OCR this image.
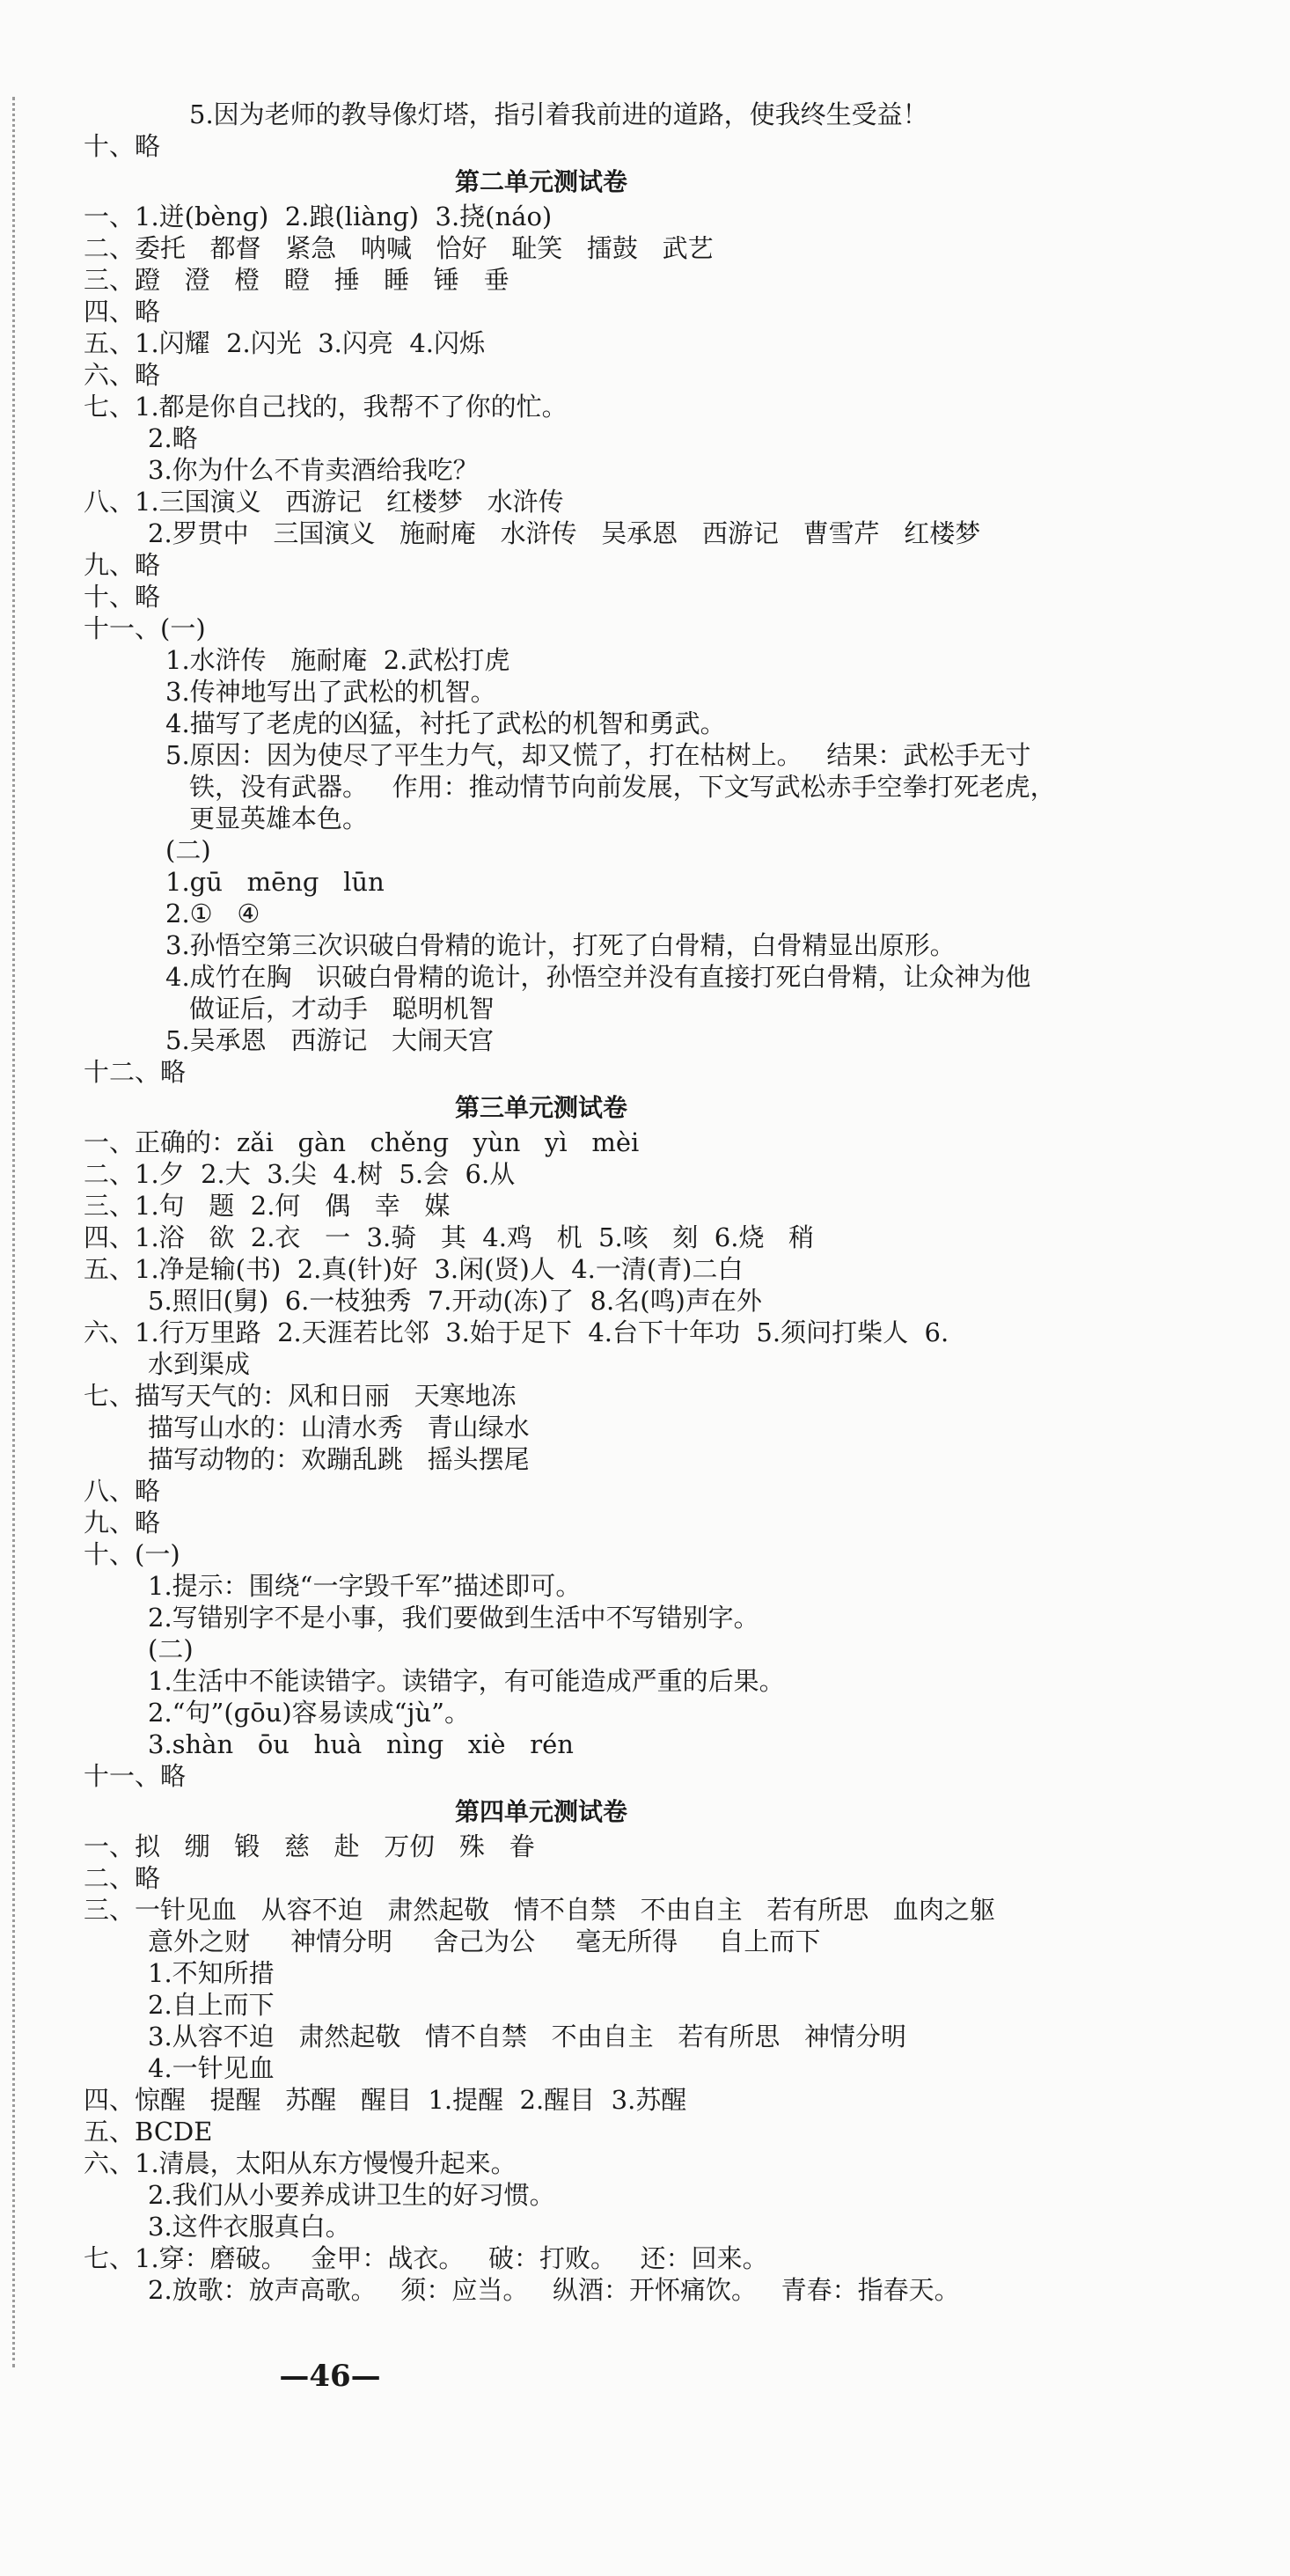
5.因为老师的教导像灯塔，指引着我前进的道路，使我终生受益！
十、略
第二单元测试卷
一、1.迸(bènɡ)  2.踉(liànɡ)  3.挠(náo)
二、委托   都督   紧急   呐喊   恰好   耻笑   擂鼓   武艺
三、蹬   澄   橙   瞪   捶   睡   锤   垂
四、略
五、1.闪耀  2.闪光  3.闪亮  4.闪烁
六、略
七、1.都是你自己找的，我帮不了你的忙。
2.略
3.你为什么不肯卖酒给我吃？
八、1.三国演义   西游记   红楼梦   水浒传
2.罗贯中   三国演义   施耐庵   水浒传   吴承恩   西游记   曹雪芹   红楼梦
九、略
十、略
十一、(一)
1.水浒传   施耐庵  2.武松打虎
3.传神地写出了武松的机智。
4.描写了老虎的凶猛，衬托了武松的机智和勇武。
5.原因：因为使尽了平生力气，却又慌了，打在枯树上。   结果：武松手无寸
铁，没有武器。   作用：推动情节向前发展，下文写武松赤手空拳打死老虎，
更显英雄本色。
(二)
1.gū   mēnɡ   lūn
2.①   ④
3.孙悟空第三次识破白骨精的诡计，打死了白骨精，白骨精显出原形。
4.成竹在胸   识破白骨精的诡计，孙悟空并没有直接打死白骨精，让众神为他
做证后，才动手   聪明机智
5.吴承恩   西游记   大闹天宫
十二、略
第三单元测试卷
一、正确的：zǎi   ɡàn   chěnɡ   yùn   yì   mèi
二、1.夕  2.大  3.尖  4.树  5.会  6.从
三、1.句   题  2.何   偶   幸   媒
四、1.浴   欲  2.衣   一  3.骑   其  4.鸡   机  5.咳   刻  6.烧   稍
五、1.净是输(书)  2.真(针)好  3.闲(贤)人  4.一清(青)二白
5.照旧(舅)  6.一枝独秀  7.开动(冻)了  8.名(鸣)声在外
六、1.行万里路  2.天涯若比邻  3.始于足下  4.台下十年功  5.须问打柴人  6.
水到渠成
七、描写天气的：风和日丽   天寒地冻
描写山水的：山清水秀   青山绿水
描写动物的：欢蹦乱跳   摇头摆尾
八、略
九、略
十、(一)
1.提示：围绕“一字毁千军”描述即可。
2.写错别字不是小事，我们要做到生活中不写错别字。
(二)
1.生活中不能读错字。读错字，有可能造成严重的后果。
2.“句”(ɡōu)容易读成“jù”。
3.shàn   ōu   huà   nìnɡ   xiè   rén
十一、略
第四单元测试卷
一、拟   绷   锻   慈   赴   万仞   殊   眷
二、略
三、一针见血   从容不迫   肃然起敬   情不自禁   不由自主   若有所思   血肉之躯
意外之财     神情分明     舍己为公     毫无所得     自上而下
1.不知所措
2.自上而下
3.从容不迫   肃然起敬   情不自禁   不由自主   若有所思   神情分明
4.一针见血
四、惊醒   提醒   苏醒   醒目  1.提醒  2.醒目  3.苏醒
五、BCDE
六、1.清晨，太阳从东方慢慢升起来。
2.我们从小要养成讲卫生的好习惯。
3.这件衣服真白。
七、1.穿：磨破。   金甲：战衣。   破：打败。   还：回来。
2.放歌：放声高歌。   须：应当。   纵酒：开怀痛饮。   青春：指春天。
—46—
